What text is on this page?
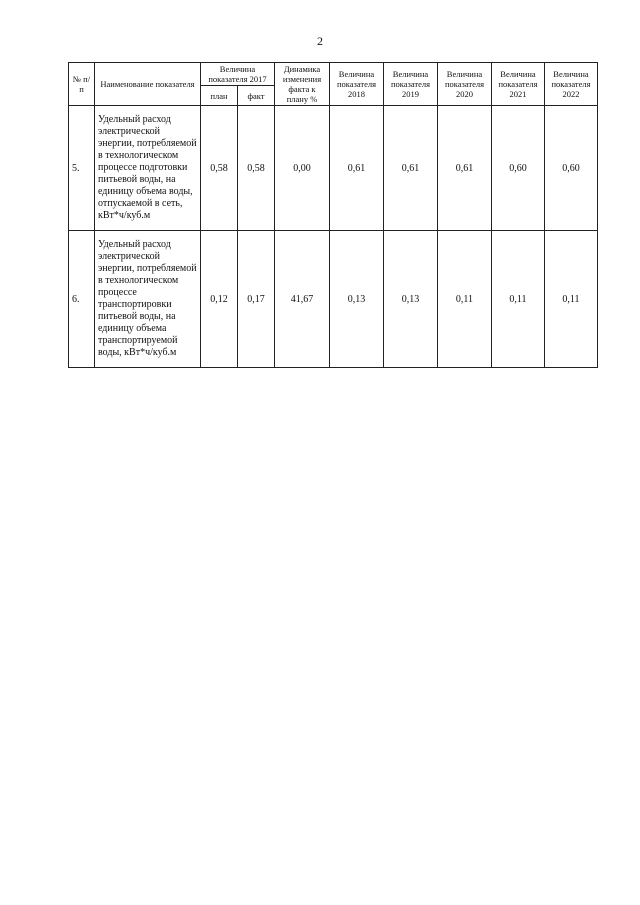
2
№ п/п	Наименование показателя	Величина показателя 2017		Динамика изменения факта к плану %	Величина показателя 2018	Величина показателя 2019	Величина показателя 2020	Величина показателя 2021	Величина показателя 2022
		план	факт						
5.	Удельный расход электрической энергии, потребляемой в технологическом процессе подготовки питьевой воды, на единицу объема воды, отпускаемой в сеть, кВт*ч/куб.м	0,58	0,58	0,00	0,61	0,61	0,61	0,60	0,60
6.	Удельный расход электрической энергии, потребляемой в технологическом процессе транспортировки питьевой воды, на единицу объема транспортируемой воды, кВт*ч/куб.м	0,12	0,17	41,67	0,13	0,13	0,11	0,11	0,11
